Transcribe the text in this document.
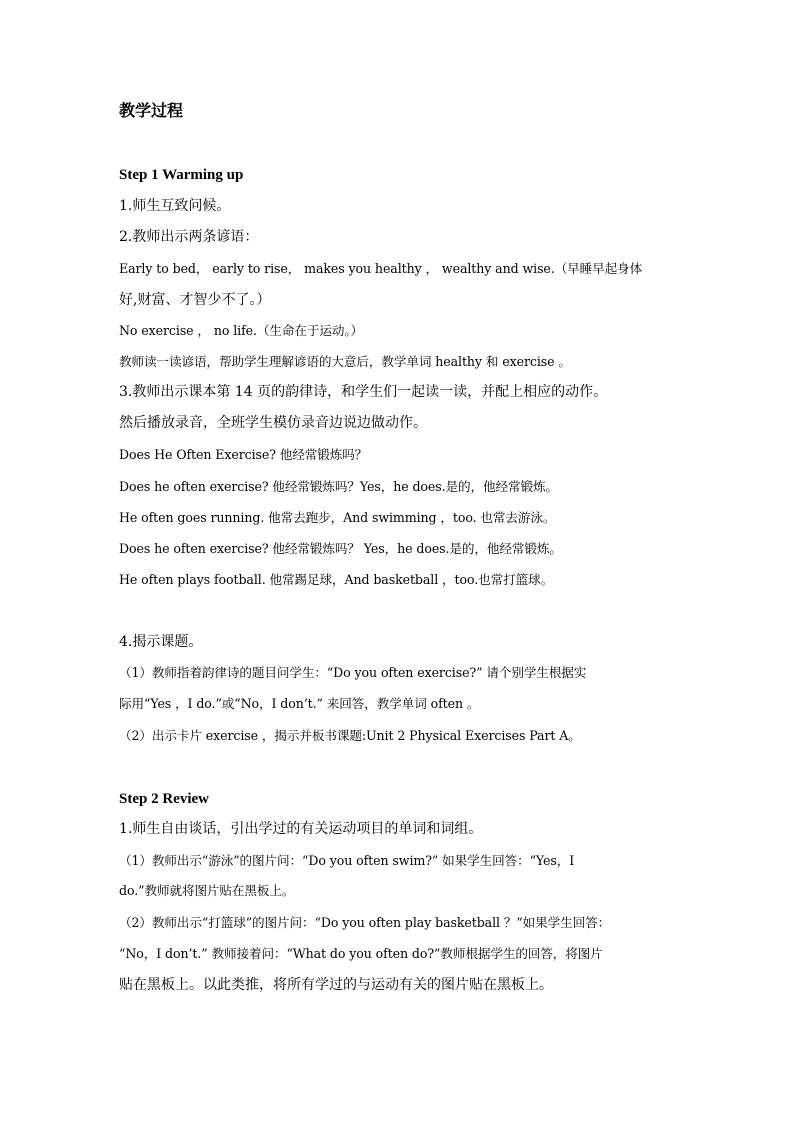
教学过程
Step 1 Warming up
1.师生互致问候。
2.教师出示两条谚语：
Early to bed， early to rise， makes you healthy ， wealthy and wise.（早睡早起身体
好,财富、才智少不了。）
No exercise ， no life.（生命在于运动。）
教师读一读谚语，帮助学生理解谚语的大意后，教学单词 healthy 和 exercise 。
3.教师出示课本第 14 页的韵律诗，和学生们一起读一读，并配上相应的动作。
然后播放录音，全班学生模仿录音边说边做动作。
Does He Often Exercise? 他经常锻炼吗？
Does he often exercise? 他经常锻炼吗？Yes，he does.是的，他经常锻炼。
He often goes running. 他常去跑步，And swimming ，too. 也常去游泳。
Does he often exercise? 他经常锻炼吗？ Yes，he does.是的，他经常锻炼。
He often plays football. 他常踢足球，And basketball ，too.也常打篮球。
4.揭示课题。
（1）教师指着韵律诗的题目问学生：“Do you often exercise?” 请个别学生根据实
际用“Yes ，I do.”或“No，I don’t.” 来回答，教学单词 often 。
（2）出示卡片 exercise ，揭示并板书课题:Unit 2 Physical Exercises Part A。
Step 2 Review
1.师生自由谈话，引出学过的有关运动项目的单词和词组。
（1）教师出示“游泳”的图片问：“Do you often swim?” 如果学生回答：“Yes，I
do.”教师就将图片贴在黑板上。
（2）教师出示“打篮球”的图片问：“Do you often play basketball ？”如果学生回答：
“No，I don’t.” 教师接着问：“What do you often do?”教师根据学生的回答，将图片
贴在黑板上。以此类推，将所有学过的与运动有关的图片贴在黑板上。
